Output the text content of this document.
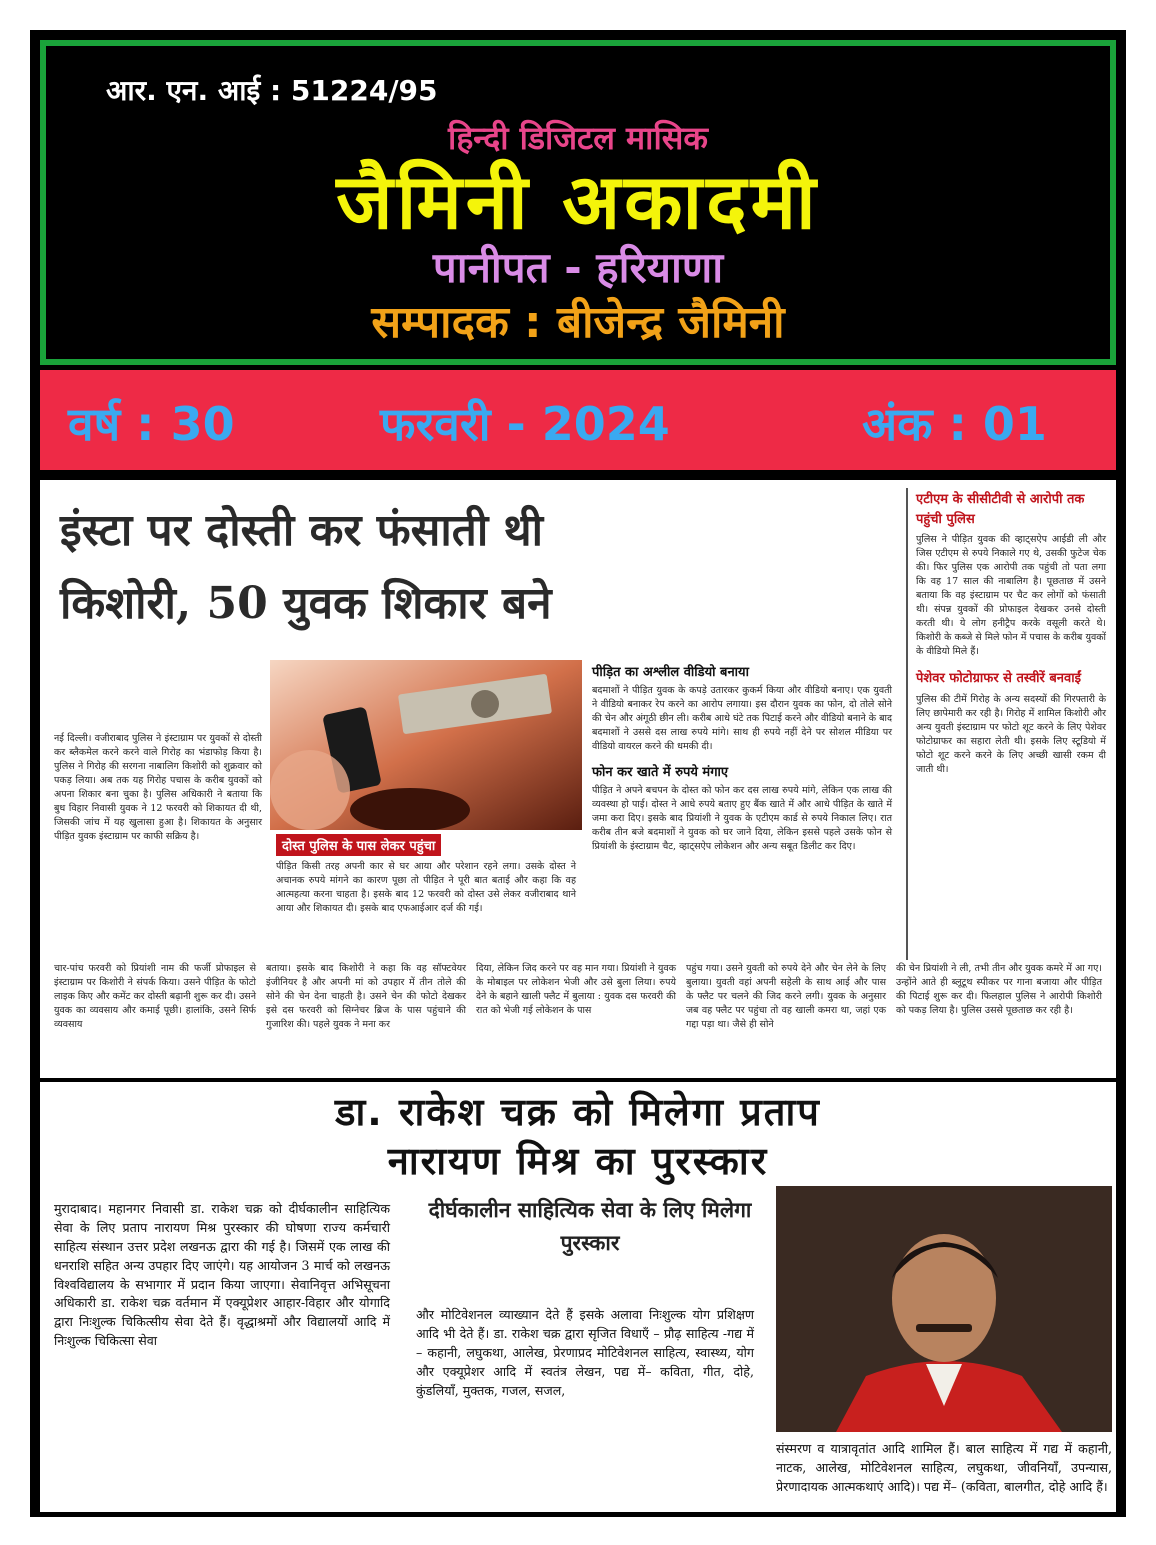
आर. एन. आई : 51224/95
हिन्दी डिजिटल मासिक
जैमिनी अकादमी
पानीपत - हरियाणा
सम्पादक : बीजेन्द्र जैमिनी
वर्ष : 30	फरवरी - 2024	अंक : 01
इंस्टा पर दोस्ती कर फंसाती थी
किशोरी, 50 युवक शिकार बने
एटीएम के सीसीटीवी से आरोपी तक पहुंची पुलिस

पुलिस ने पीड़ित युवक की व्हाट्सऐप आईडी ली और जिस एटीएम से रुपये निकाले गए थे, उसकी फुटेज चेक की। फिर पुलिस एक आरोपी तक पहुंची तो पता लगा कि वह 17 साल की नाबालिग है। पूछताछ में उसने बताया कि वह इंस्टाग्राम पर चैट कर लोगों को फंसाती थी। संपन्न युवकों की प्रोफाइल देखकर उनसे दोस्ती करती थी। ये लोग हनीट्रैप करके वसूली करते थे। किशोरी के कब्जे से मिले फोन में पचास के करीब युवकों के वीडियो मिले हैं।

पेशेवर फोटोग्राफर से तस्वीरें बनवाईं

पुलिस की टीमें गिरोह के अन्य सदस्यों की गिरफ्तारी के लिए छापेमारी कर रही है। गिरोह में शामिल किशोरी और अन्य युवती इंस्टाग्राम पर फोटो शूट करने के लिए पेशेवर फोटोग्राफर का सहारा लेती थी। इसके लिए स्टूडियो में फोटो शूट करने करने के लिए अच्छी खासी रकम दी जाती थी।

पीड़ित का अश्लील वीडियो बनाया

बदमाशों ने पीड़ित युवक के कपड़े उतारकर कुकर्म किया और वीडियो बनाए। एक युवती ने वीडियो बनाकर रेप करने का आरोप लगाया। इस दौरान युवक का फोन, दो तोले सोने की चेन और अंगूठी छीन ली। करीब आधे घंटे तक पिटाई करने और वीडियो बनाने के बाद बदमाशों ने उससे दस लाख रुपये मांगे। साथ ही रुपये नहीं देने पर सोशल मीडिया पर वीडियो वायरल करने की धमकी दी।

फोन कर खाते में रुपये मंगाए

पीड़ित ने अपने बचपन के दोस्त को फोन कर दस लाख रुपये मांगे, लेकिन एक लाख की व्यवस्था हो पाई। दोस्त ने आधे रुपये बताए हुए बैंक खाते में और आधे पीड़ित के खाते में जमा करा दिए। इसके बाद प्रियांशी ने युवक के एटीएम कार्ड से रुपये निकाल लिए। रात करीब तीन बजे बदमाशों ने युवक को घर जाने दिया, लेकिन इससे पहले उसके फोन से प्रियांशी के इंस्टाग्राम चैट, व्हाट्सऐप लोकेशन और अन्य सबूत डिलीट कर दिए।

दोस्त पुलिस के पास लेकर पहुंचा

पीड़ित किसी तरह अपनी कार से घर आया और परेशान रहने लगा। उसके दोस्त ने अचानक रुपये मांगने का कारण पूछा तो पीड़ित ने पूरी बात बताई और कहा कि वह आत्महत्या करना चाहता है। इसके बाद 12 फरवरी को दोस्त उसे लेकर वजीराबाद थाने आया और शिकायत दी। इसके बाद एफआईआर दर्ज की गई।

नई दिल्ली। वजीराबाद पुलिस ने इंस्टाग्राम पर युवकों से दोस्ती कर ब्लैकमेल करने करने वाले गिरोह का भंडाफोड़ किया है। पुलिस ने गिरोह की सरगना नाबालिग किशोरी को शुक्रवार को पकड़ लिया। अब तक यह गिरोह पचास के करीब युवकों को अपना शिकार बना चुका है। पुलिस अधिकारी ने बताया कि बुध विहार निवासी युवक ने 12 फरवरी को शिकायत दी थी, जिसकी जांच में यह खुलासा हुआ है। शिकायत के अनुसार पीड़ित युवक इंस्टाग्राम पर काफी सक्रिय है।

चार-पांच फरवरी को प्रियांशी नाम की फर्जी प्रोफाइल से इंस्टाग्राम पर किशोरी ने संपर्क किया। उसने पीड़ित के फोटो लाइक किए और कमेंट कर दोस्ती बढ़ानी शुरू कर दी। उसने युवक का व्यवसाय और कमाई पूछी। हालांकि, उसने सिर्फ व्यवसाय

बताया। इसके बाद किशोरी ने कहा कि वह सॉफ्टवेयर इंजीनियर है और अपनी मां को उपहार में तीन तोले की सोने की चेन देना चाहती है। उसने चेन की फोटो देखकर इसे दस फरवरी को सिग्नेचर ब्रिज के पास पहुंचाने की गुजारिश की। पहले युवक ने मना कर

दिया, लेकिन जिद करने पर वह मान गया। प्रियांशी ने युवक के मोबाइल पर लोकेशन भेजी और उसे बुला लिया। रुपये देने के बहाने खाली फ्लैट में बुलाया : युवक दस फरवरी की रात को भेजी गई लोकेशन के पास

पहुंच गया। उसने युवती को रुपये देने और चेन लेने के लिए बुलाया। युवती वहां अपनी सहेली के साथ आई और पास के फ्लैट पर चलने की जिद करने लगी। युवक के अनुसार जब वह फ्लैट पर पहुंचा तो वह खाली कमरा था, जहां एक गद्दा पड़ा था। जैसे ही सोने

की चेन प्रियांशी ने ली, तभी तीन और युवक कमरे में आ गए। उन्होंने आते ही ब्लूटूथ स्पीकर पर गाना बजाया और पीड़ित की पिटाई शुरू कर दी। फिलहाल पुलिस ने आरोपी किशोरी को पकड़ लिया है। पुलिस उससे पूछताछ कर रही है।

डा. राकेश चक्र को मिलेगा प्रताप
नारायण मिश्र का पुरस्कार

मुरादाबाद। महानगर निवासी डा. राकेश चक्र को दीर्घकालीन साहित्यिक सेवा के लिए प्रताप नारायण मिश्र पुरस्कार की घोषणा राज्य कर्मचारी साहित्य संस्थान उत्तर प्रदेश लखनऊ द्वारा की गई है। जिसमें एक लाख की धनराशि सहित अन्य उपहार दिए जाएंगे। यह आयोजन 3 मार्च को लखनऊ विश्वविद्यालय के सभागार में प्रदान किया जाएगा। सेवानिवृत्त अभिसूचना अधिकारी डा. राकेश चक्र वर्तमान में एक्यूप्रेशर आहार-विहार और योगादि द्वारा निःशुल्क चिकित्सीय सेवा देते हैं। वृद्धाश्रमों और विद्यालयों आदि में निःशुल्क चिकित्सा सेवा

दीर्घकालीन साहित्यिक सेवा के लिए मिलेगा पुरस्कार

और मोटिवेशनल व्याख्यान देते हैं इसके अलावा निःशुल्क योग प्रशिक्षण आदि भी देते हैं। डा. राकेश चक्र द्वारा सृजित विधाएँ – प्रौढ़ साहित्य -गद्य में – कहानी, लघुकथा, आलेख, प्रेरणाप्रद मोटिवेशनल साहित्य, स्वास्थ्य, योग और एक्यूप्रेशर आदि में स्वतंत्र लेखन, पद्य में– कविता, गीत, दोहे, कुंडलियाँ, मुक्तक, गजल, सजल,

संस्मरण व यात्रावृतांत आदि शामिल हैं। बाल साहित्य में गद्य में कहानी, नाटक, आलेख, मोटिवेशनल साहित्य, लघुकथा, जीवनियाँ, उपन्यास, प्रेरणादायक आत्मकथाएं आदि)। पद्य में– (कविता, बालगीत, दोहे आदि हैं।
